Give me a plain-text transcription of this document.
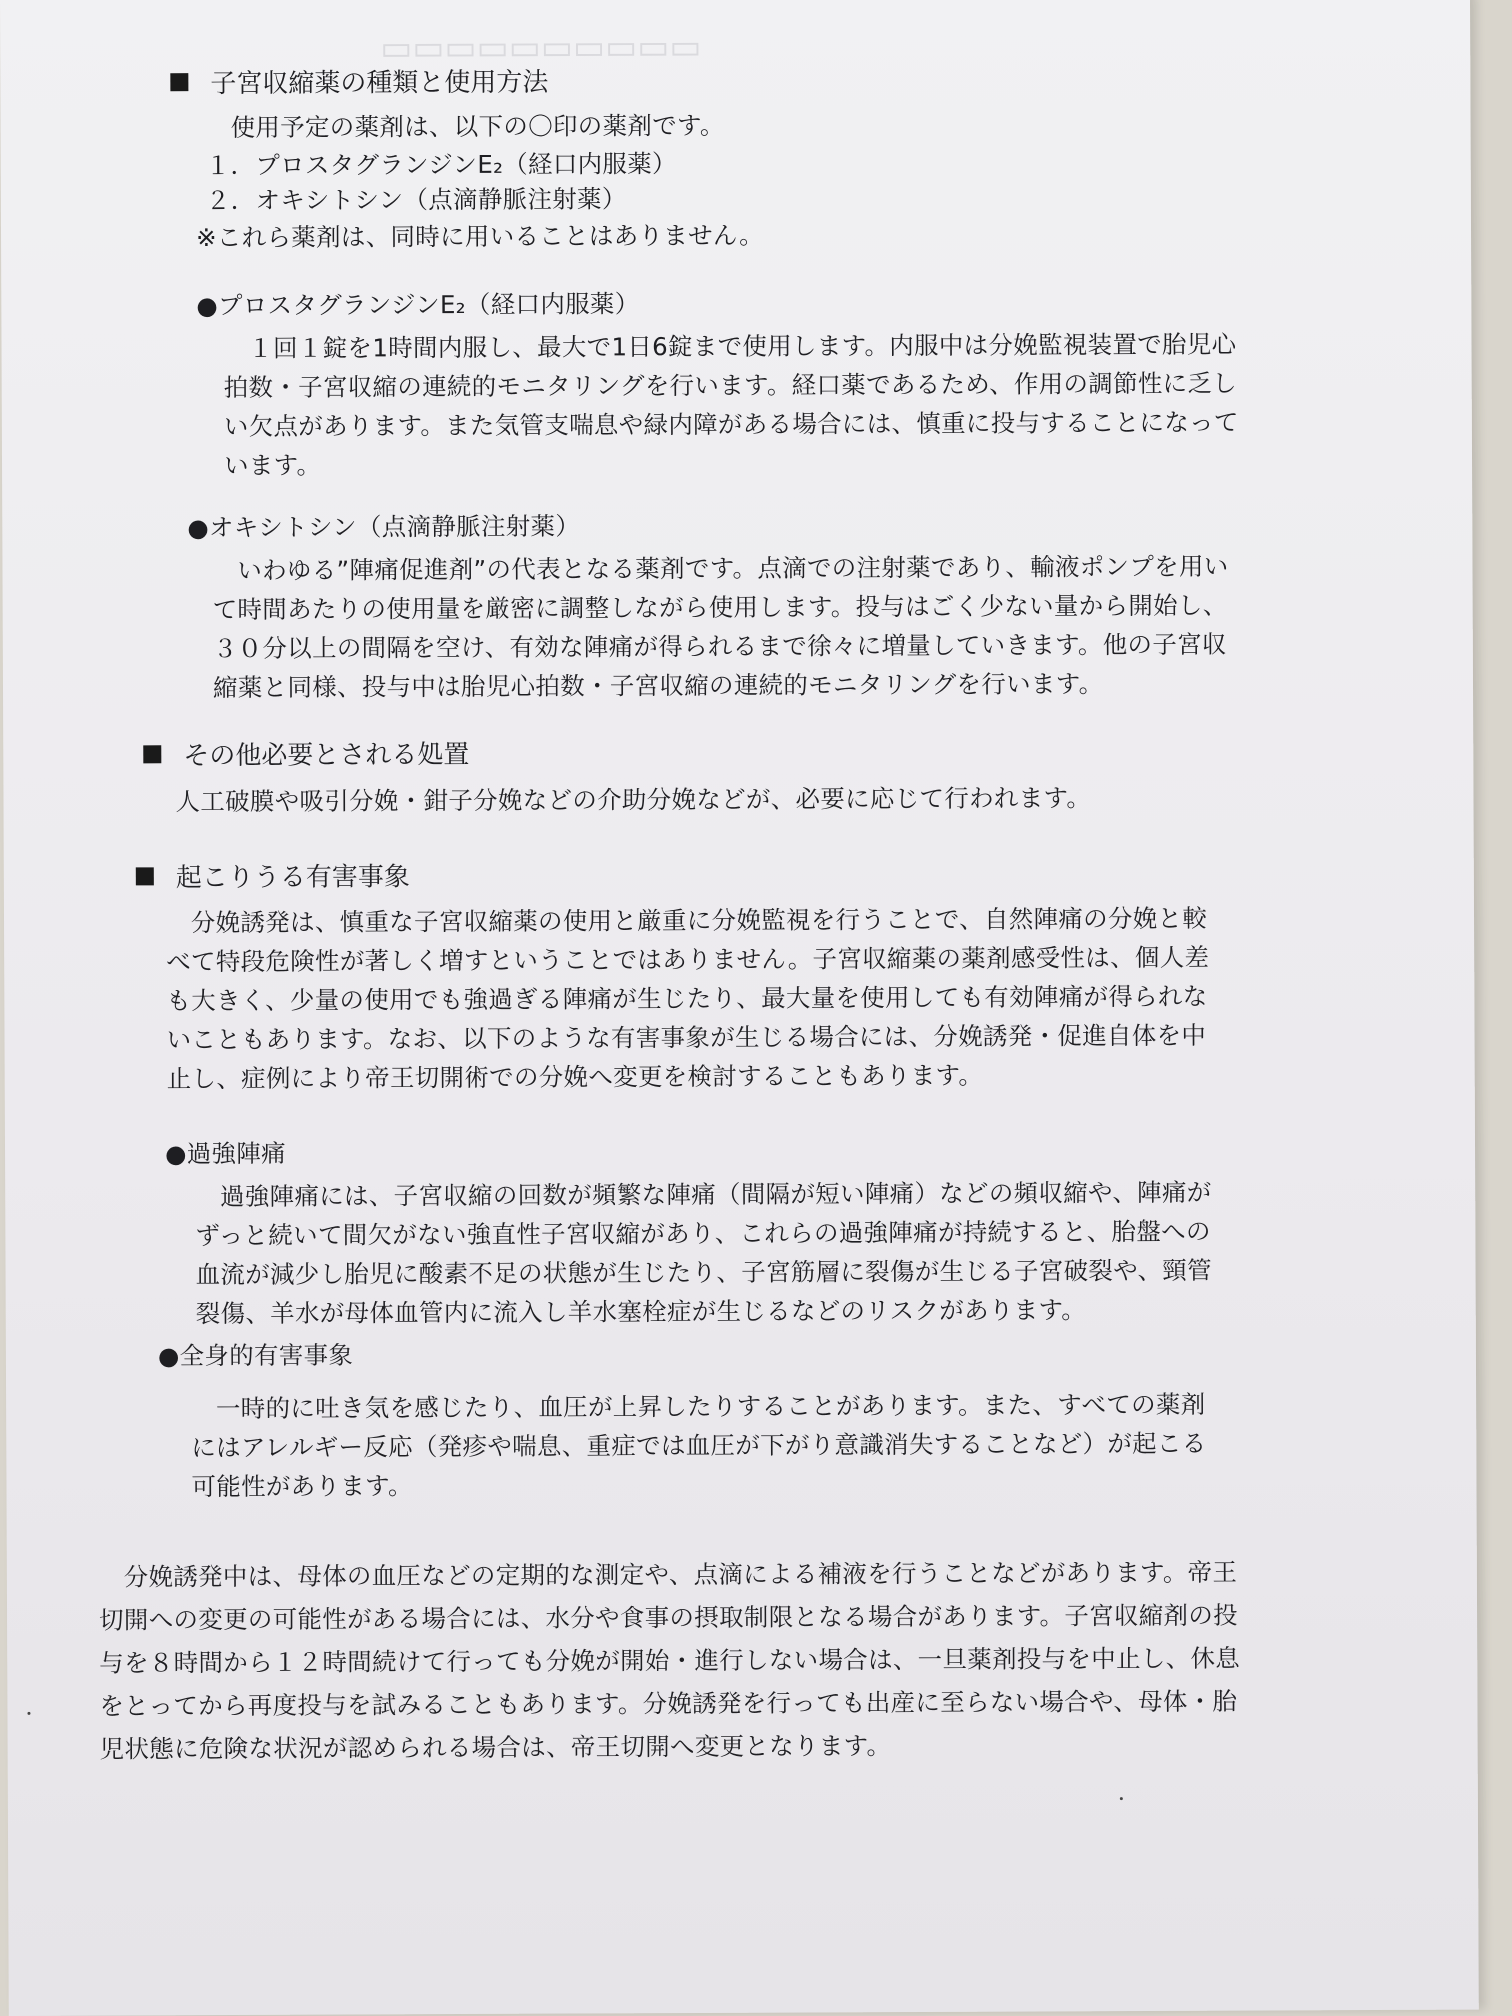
▭▭▭▭▭▭▭▭▭▭
子宮収縮薬の種類と使用方法
使用予定の薬剤は、以下の〇印の薬剤です。
１．プロスタグランジンE₂（経口内服薬）
２．オキシトシン（点滴静脈注射薬）
※これら薬剤は、同時に用いることはありません。
●プロスタグランジンE₂（経口内服薬）
　１回１錠を1時間内服し、最大で1日6錠まで使用します。内服中は分娩監視装置で胎児心
拍数・子宮収縮の連続的モニタリングを行います。経口薬であるため、作用の調節性に乏し
い欠点があります。また気管支喘息や緑内障がある場合には、慎重に投与することになって
います。
●オキシトシン（点滴静脈注射薬）
　いわゆる”陣痛促進剤”の代表となる薬剤です。点滴での注射薬であり、輸液ポンプを用い
て時間あたりの使用量を厳密に調整しながら使用します。投与はごく少ない量から開始し、
３０分以上の間隔を空け、有効な陣痛が得られるまで徐々に増量していきます。他の子宮収
縮薬と同様、投与中は胎児心拍数・子宮収縮の連続的モニタリングを行います。
その他必要とされる処置
人工破膜や吸引分娩・鉗子分娩などの介助分娩などが、必要に応じて行われます。
起こりうる有害事象
　分娩誘発は、慎重な子宮収縮薬の使用と厳重に分娩監視を行うことで、自然陣痛の分娩と較
べて特段危険性が著しく増すということではありません。子宮収縮薬の薬剤感受性は、個人差
も大きく、少量の使用でも強過ぎる陣痛が生じたり、最大量を使用しても有効陣痛が得られな
いこともあります。なお、以下のような有害事象が生じる場合には、分娩誘発・促進自体を中
止し、症例により帝王切開術での分娩へ変更を検討することもあります。
●過強陣痛
　過強陣痛には、子宮収縮の回数が頻繁な陣痛（間隔が短い陣痛）などの頻収縮や、陣痛が
ずっと続いて間欠がない強直性子宮収縮があり、これらの過強陣痛が持続すると、胎盤への
血流が減少し胎児に酸素不足の状態が生じたり、子宮筋層に裂傷が生じる子宮破裂や、頸管
裂傷、羊水が母体血管内に流入し羊水塞栓症が生じるなどのリスクがあります。
●全身的有害事象
　一時的に吐き気を感じたり、血圧が上昇したりすることがあります。また、すべての薬剤
にはアレルギー反応（発疹や喘息、重症では血圧が下がり意識消失することなど）が起こる
可能性があります。
　分娩誘発中は、母体の血圧などの定期的な測定や、点滴による補液を行うことなどがあります。帝王
切開への変更の可能性がある場合には、水分や食事の摂取制限となる場合があります。子宮収縮剤の投
与を８時間から１２時間続けて行っても分娩が開始・進行しない場合は、一旦薬剤投与を中止し、休息
をとってから再度投与を試みることもあります。分娩誘発を行っても出産に至らない場合や、母体・胎
児状態に危険な状況が認められる場合は、帝王切開へ変更となります。
